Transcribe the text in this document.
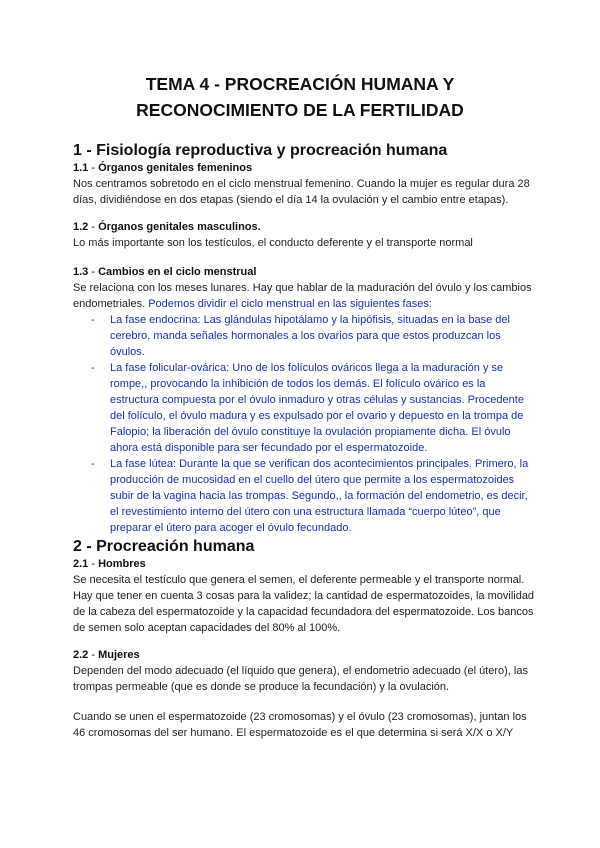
TEMA 4 - PROCREACIÓN HUMANA Y
RECONOCIMIENTO DE LA FERTILIDAD
1 - Fisiología reproductiva y procreación humana
1.1 - Órganos genitales femeninos
Nos centramos sobretodo en el ciclo menstrual femenino. Cuando la mujer es regular dura 28 días, dividiéndose en dos etapas (siendo el día 14 la ovulación y el cambio entre etapas).
1.2 - Órganos genitales masculinos.
Lo más importante son los testículos, el conducto deferente y el transporte normal
1.3 - Cambios en el ciclo menstrual
Se relaciona con los meses lunares. Hay que hablar de la maduración del óvulo y los cambios endometriales. Podemos dividir el ciclo menstrual en las siguientes fases:
- La fase endocrina: Las glándulas hipotálamo y la hipófisis, situadas en la base del cerebro, manda señales hormonales a los ovarios para que estos produzcan los óvulos.
- La fase folicular-ovárica: Uno de los folículos ováricos llega a la maduración y se rompe,, provocando la inhibición de todos los demás. El folículo ovárico es la estructura compuesta por el óvulo inmaduro y otras células y sustancias. Procedente del folículo, el óvulo madura y es expulsado por el ovario y depuesto en la trompa de Falopio; la liberación del óvulo constituye la ovulación propiamente dicha. El óvulo ahora está disponible para ser fecundado por el espermatozoide.
- La fase lútea: Durante la que se verifican dos acontecimientos principales. Primero, la producción de mucosidad en el cuello del útero que permite a los espermatozoides subir de la vagina hacia las trompas. Segundo,, la formación del endometrio, es decir, el revestimiento interno del útero con una estructura llamada “cuerpo lúteo”, que preparar el útero para acoger el óvulo fecundado.
2 - Procreación humana
2.1 - Hombres
Se necesita el testículo que genera el semen, el deferente permeable y el transporte normal. Hay que tener en cuenta 3 cosas para la validez; la cantidad de espermatozoides, la movilidad de la cabeza del espermatozoide y la capacidad fecundadora del espermatozoide. Los bancos de semen solo aceptan capacidades del 80% al 100%.
2.2 - Mujeres
Dependen del modo adecuado (el líquido que genera), el endometrio adecuado (el útero), las trompas permeable (que es donde se produce la fecundación) y la ovulación.
Cuando se unen el espermatozoide (23 cromosomas) y el óvulo (23 cromosomas), juntan los 46 cromosomas del ser humano. El espermatozoide es el que determina si será X/X o X/Y
